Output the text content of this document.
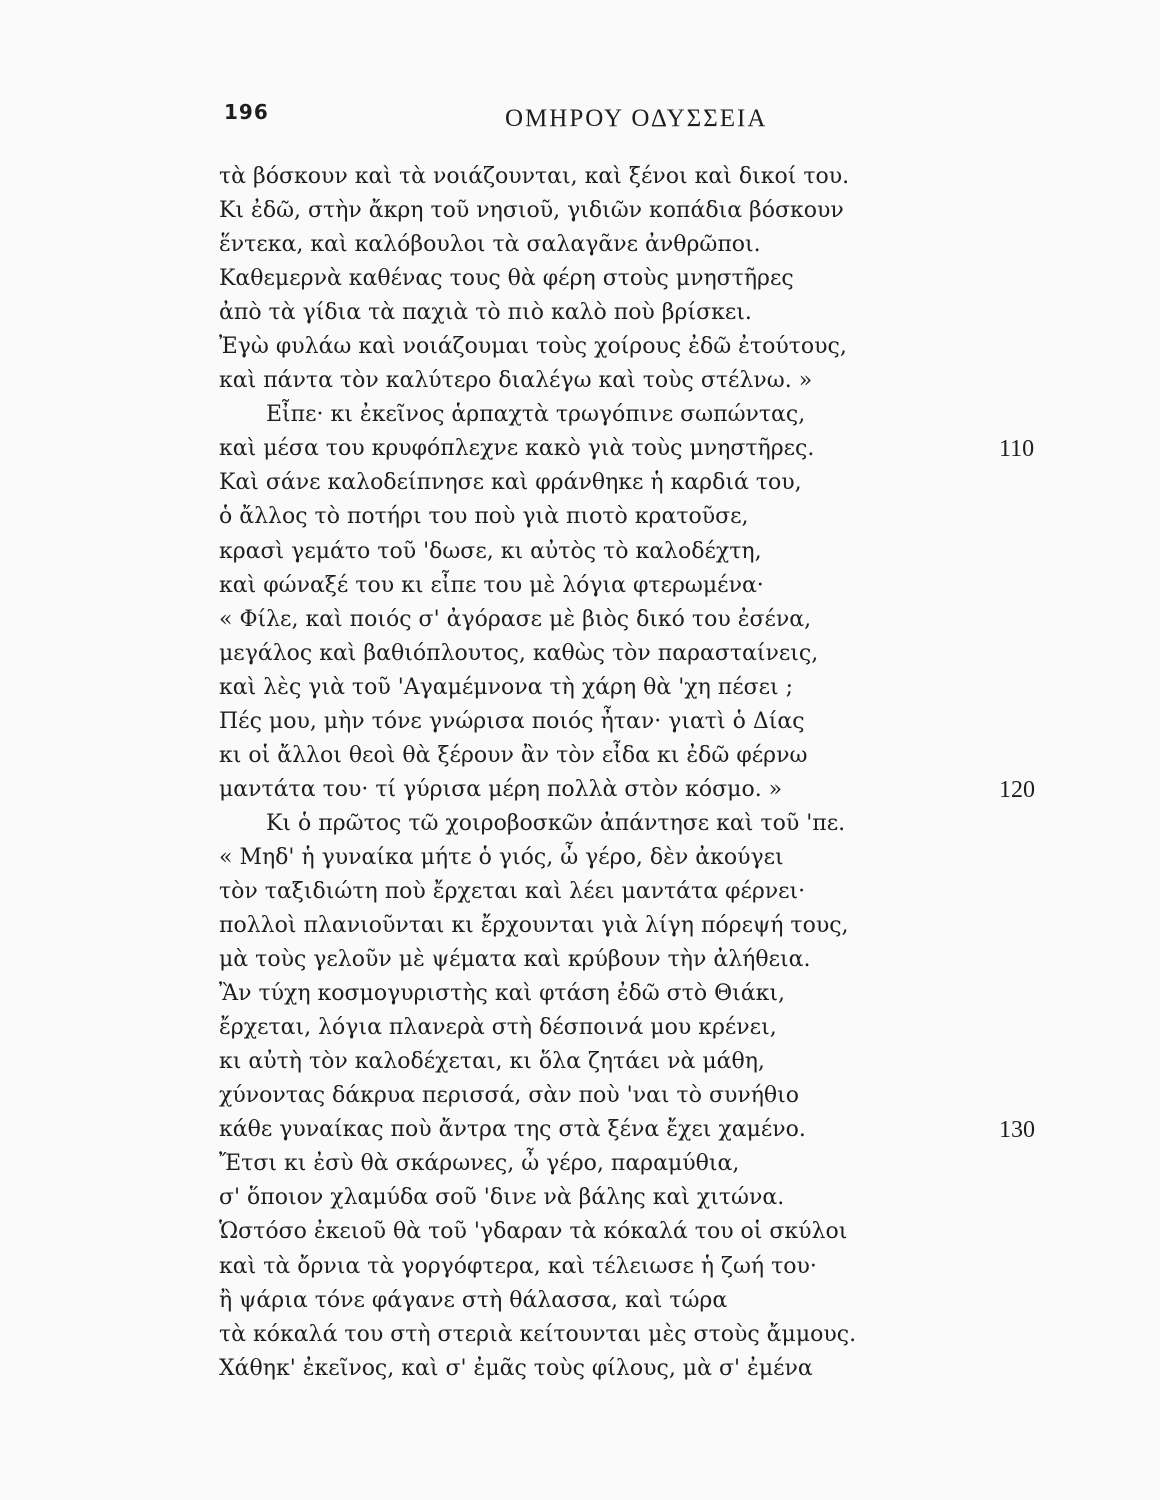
196	ΟΜΗΡΟΥ ΟΔΥΣΣΕΙΑ
τὰ βόσκουν καὶ τὰ νοιάζουνται, καὶ ξένοι καὶ δικοί του.
Κι ἐδῶ, στὴν ἄκρη τοῦ νησιοῦ, γιδιῶν κοπάδια βόσκουν
ἕντεκα, καὶ καλόβουλοι τὰ σαλαγᾶνε ἀνθρῶποι.
Καθεμερνὰ καθένας τους θὰ φέρη στοὺς μνηστῆρες
ἀπὸ τὰ γίδια τὰ παχιὰ τὸ πιὸ καλὸ ποὺ βρίσκει.
Ἐγὼ φυλάω καὶ νοιάζουμαι τοὺς χοίρους ἐδῶ ἐτούτους,
καὶ πάντα τὸν καλύτερο διαλέγω καὶ τοὺς στέλνω. »
Εἶπε· κι ἐκεῖνος ἁρπαχτὰ τρωγόπινε σωπώντας,
καὶ μέσα του κρυφόπλεχνε κακὸ γιὰ τοὺς μνηστῆρες.	110
Καὶ σάνε καλοδείπνησε καὶ φράνθηκε ἡ καρδιά του,
ὁ ἄλλος τὸ ποτήρι του ποὺ γιὰ πιοτὸ κρατοῦσε,
κρασὶ γεμάτο τοῦ 'δωσε, κι αὐτὸς τὸ καλοδέχτη,
καὶ φώναξέ του κι εἶπε του μὲ λόγια φτερωμένα·
« Φίλε, καὶ ποιός σ' ἀγόρασε μὲ βιὸς δικό του ἐσένα,
μεγάλος καὶ βαθιόπλουτος, καθὼς τὸν παρασταίνεις,
καὶ λὲς γιὰ τοῦ 'Αγαμέμνονα τὴ χάρη θὰ 'χη πέσει ;
Πές μου, μὴν τόνε γνώρισα ποιός ἦταν· γιατὶ ὁ Δίας
κι οἱ ἄλλοι θεοὶ θὰ ξέρουν ἂν τὸν εἶδα κι ἐδῶ φέρνω
μαντάτα του· τί γύρισα μέρη πολλὰ στὸν κόσμο. »	120
Κι ὁ πρῶτος τῶ χοιροβοσκῶν ἀπάντησε καὶ τοῦ 'πε.
« Μηδ' ἡ γυναίκα μήτε ὁ γιός, ὦ γέρο, δὲν ἀκούγει
τὸν ταξιδιώτη ποὺ ἔρχεται καὶ λέει μαντάτα φέρνει·
πολλοὶ πλανιοῦνται κι ἔρχουνται γιὰ λίγη πόρεψή τους,
μὰ τοὺς γελοῦν μὲ ψέματα καὶ κρύβουν τὴν ἀλήθεια.
Ἂν τύχη κοσμογυριστὴς καὶ φτάση ἐδῶ στὸ Θιάκι,
ἔρχεται, λόγια πλανερὰ στὴ δέσποινά μου κρένει,
κι αὐτὴ τὸν καλοδέχεται, κι ὅλα ζητάει νὰ μάθη,
χύνοντας δάκρυα περισσά, σὰν ποὺ 'ναι τὸ συνήθιο
κάθε γυναίκας ποὺ ἄντρα της στὰ ξένα ἔχει χαμένο.	130
Ἔτσι κι ἐσὺ θὰ σκάρωνες, ὦ γέρο, παραμύθια,
σ' ὅποιον χλαμύδα σοῦ 'δινε νὰ βάλης καὶ χιτώνα.
Ὡστόσο ἐκειοῦ θὰ τοῦ 'γδαραν τὰ κόκαλά του οἱ σκύλοι
καὶ τὰ ὄρνια τὰ γοργόφτερα, καὶ τέλειωσε ἡ ζωή του·
ἢ ψάρια τόνε φάγανε στὴ θάλασσα, καὶ τώρα
τὰ κόκαλά του στὴ στεριὰ κείτουνται μὲς στοὺς ἄμμους.
Χάθηκ' ἐκεῖνος, καὶ σ' ἐμᾶς τοὺς φίλους, μὰ σ' ἐμένα
